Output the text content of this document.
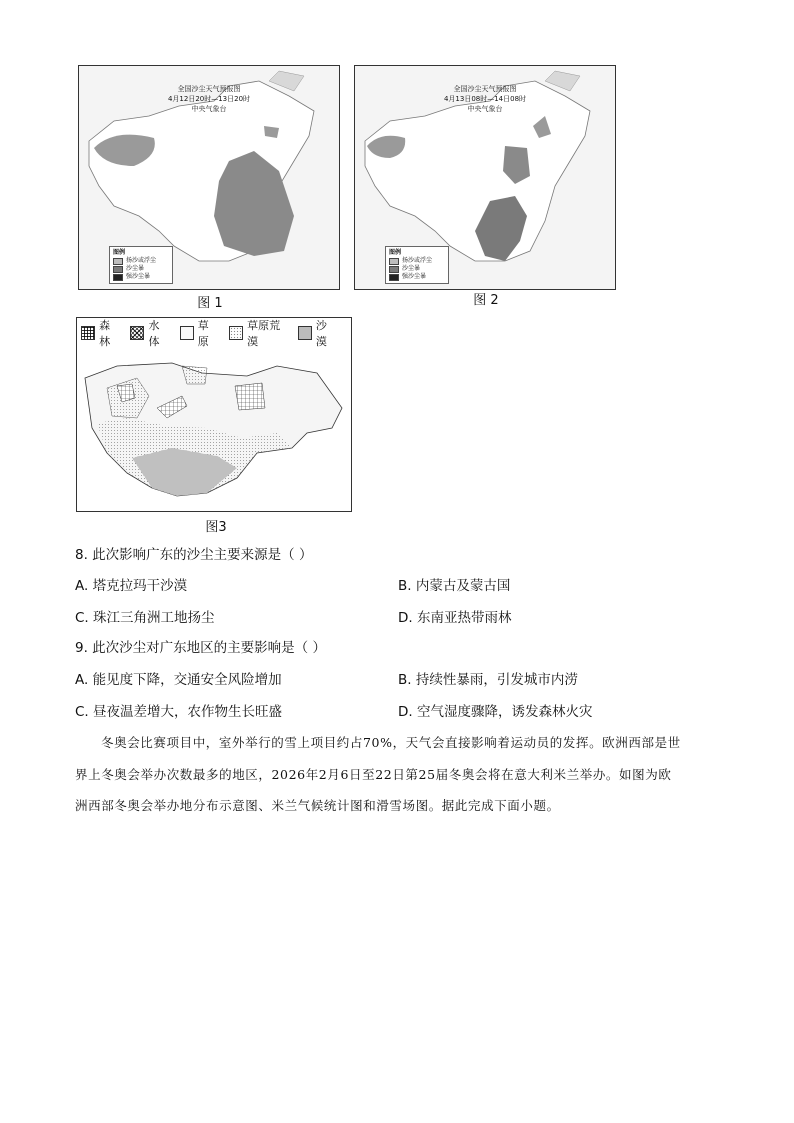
全国沙尘天气预报图
4月12日20时—13日20时
中央气象台
图例
扬沙或浮尘
沙尘暴
强沙尘暴
图 1
全国沙尘天气预报图
4月13日08时—14日08时
中央气象台
图例
扬沙或浮尘
沙尘暴
强沙尘暴
图 2
森林
水体
草原
草原荒漠
沙漠
图3
8. 此次影响广东的沙尘主要来源是（ ）
A. 塔克拉玛干沙漠	B. 内蒙古及蒙古国
C. 珠江三角洲工地扬尘	D. 东南亚热带雨林
9. 此次沙尘对广东地区的主要影响是（ ）
A. 能见度下降，交通安全风险增加	B. 持续性暴雨，引发城市内涝
C. 昼夜温差增大，农作物生长旺盛	D. 空气湿度骤降，诱发森林火灾
冬奥会比赛项目中，室外举行的雪上项目约占70%，天气会直接影响着运动员的发挥。欧洲西部是世
界上冬奥会举办次数最多的地区，2026年2月6日至22日第25届冬奥会将在意大利米兰举办。如图为欧
洲西部冬奥会举办地分布示意图、米兰气候统计图和滑雪场图。据此完成下面小题。
